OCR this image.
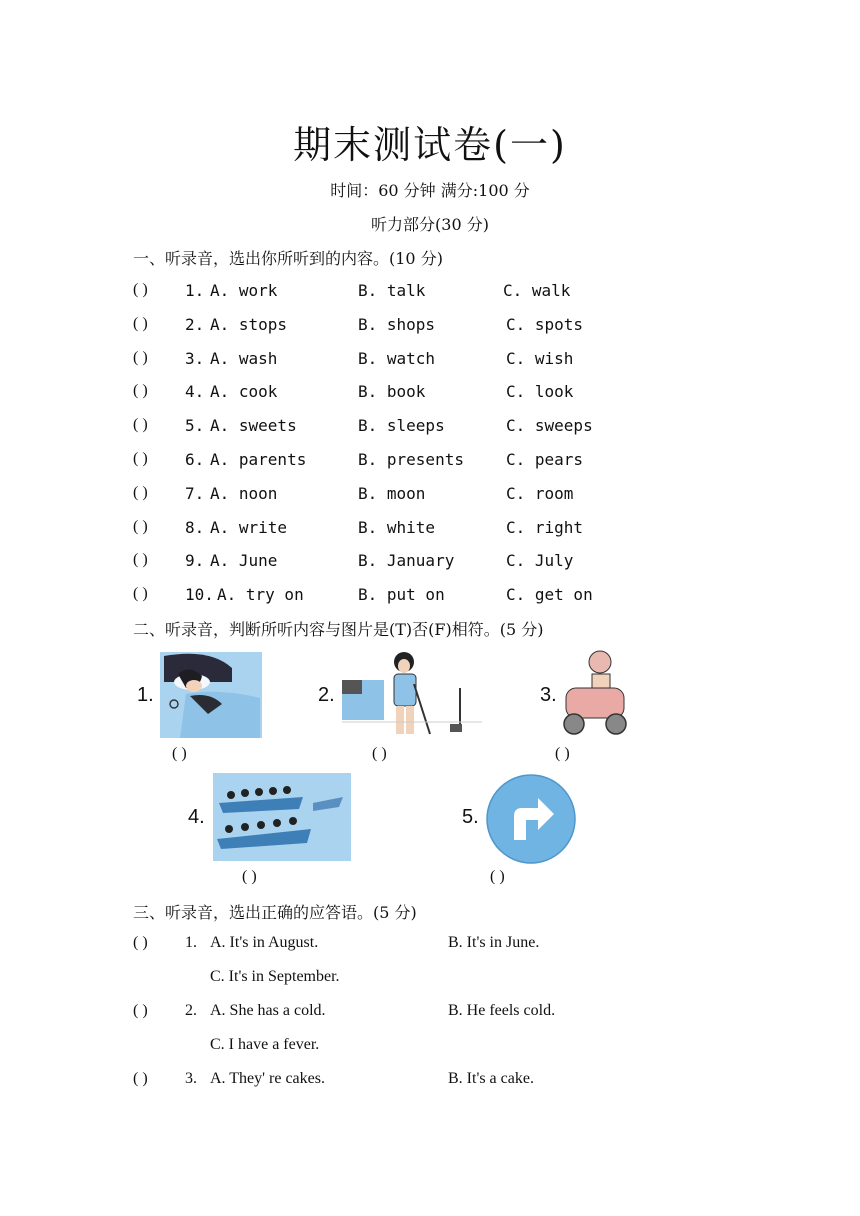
期末测试卷(一)
时间：60 分钟 满分:100 分
听力部分(30 分)
一、听录音，选出你所听到的内容。(10 分)
( ) 1. A. work	B. talk	C. walk
( ) 2. A. stops	B. shops	C. spots
( ) 3. A. wash	B. watch	C. wish
( ) 4. A. cook	B. book	C. look
( ) 5. A. sweets	B. sleeps	C. sweeps
( ) 6. A. parents	B. presents	C. pears
( ) 7. A. noon	B. moon	C. room
( ) 8. A. write	B. white	C. right
( ) 9. A. June	B. January	C. July
( ) 10. A. try on	B. put on	C. get on
二、听录音，判断所听内容与图片是(T)否(F)相符。(5 分)
1.
( )
2.
( )
3.
( )
4.
( )
5.
( )
三、听录音，选出正确的应答语。(5 分)
( ) 1. A. It's in August.	B. It's in June.
C. It's in September.
( ) 2. A. She has a cold.	B. He feels cold.
C. I have a fever.
( ) 3. A. They' re cakes.	B. It's a cake.
